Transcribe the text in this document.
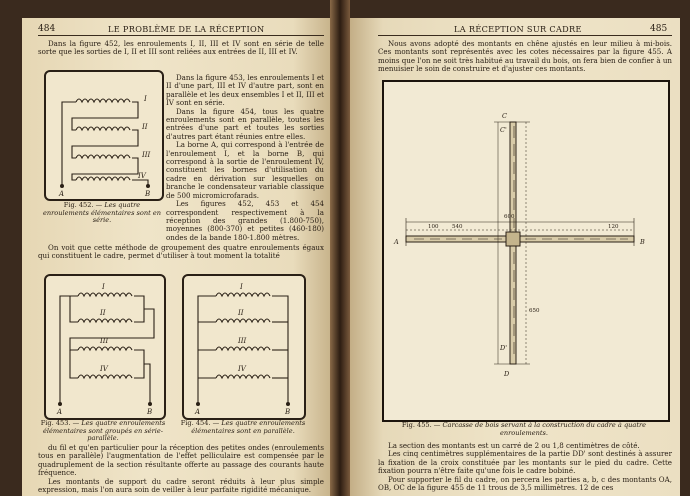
484	LE PROBLÈME DE LA RÉCEPTION

Dans la figure 452, les enroulements I, II, III et IV sont en série de telle sorte que les sorties de I, II et III sont reliées aux entrées de II, III et IV.

I
II
III
IV
A	B
Fig. 452. — Les quatre enroulements élémentaires sont en série.

Dans la figure 453, les enroulements I et II d'une part, III et IV d'autre part, sont en parallèle et les deux ensembles I et II, III et IV sont en série.

Dans la figure 454, tous les quatre enroulements sont en parallèle, toutes les entrées d'une part et toutes les sorties d'autres part étant réunies entre elles.

La borne A, qui correspond à l'entrée de l'enroulement I, et la borne B, qui correspond à la sortie de l'enroulement IV, constituent les bornes d'utilisation du cadre en dérivation sur lesquelles on branche le condensateur variable classique de 500 micromicrofarads.

Les figures 452, 453 et 454 correspondent respectivement à la réception des grandes (1.800-750), moyennes (800-370) et petites (460-180) ondes de la bande 180-1.800 mètres.

On voit que cette méthode de groupement des quatre enroulements égaux qui constituent le cadre, permet d'utiliser à tout moment la totalité

I
II
III
IV
A	B
I
II
III
IV
A	B
Fig. 453. — Les quatre enroulements élémentaires sont groupés en série-parallèle.
Fig. 454. — Les quatre enroulements élémentaires sont en parallèle.

du fil et qu'en particulier pour la réception des petites ondes (enroulements tous en parallèle) l'augmentation de l'effet pelliculaire est compensée par le quadruplement de la section résultante offerte au passage des courants haute fréquence.

Les montants de support du cadre seront réduits à leur plus simple expression, mais l'on aura soin de veiller à leur parfaite rigidité mécanique.

LA RÉCEPTION SUR CADRE	485

Nous avons adopté des montants en chêne ajustés en leur milieu à mi-bois. Ces montants sont représentés avec les cotes nécessaires par la figure 455. A moins que l'on ne soit très habitué au travail du bois, on fera bien de confier à un menuisier le soin de construire et d'ajuster ces montants.

A	B
C
D
D'
C'
600
100 540	120
650
Fig. 455. — Carcasse de bois servant à la construction du cadre à quatre enroulements.

La section des montants est un carré de 2 ou 1,8 centimètres de côté.

Les cinq centimètres supplémentaires de la partie DD' sont destinés à assurer la fixation de la croix constituée par les montants sur le pied du cadre. Cette fixation pourra n'être faite qu'une fois le cadre bobiné.

Pour supporter le fil du cadre, on percera les parties a, b, c des montants OA, OB, OC de la figure 455 de 11 trous de 3,5 millimètres. 12 de ces
